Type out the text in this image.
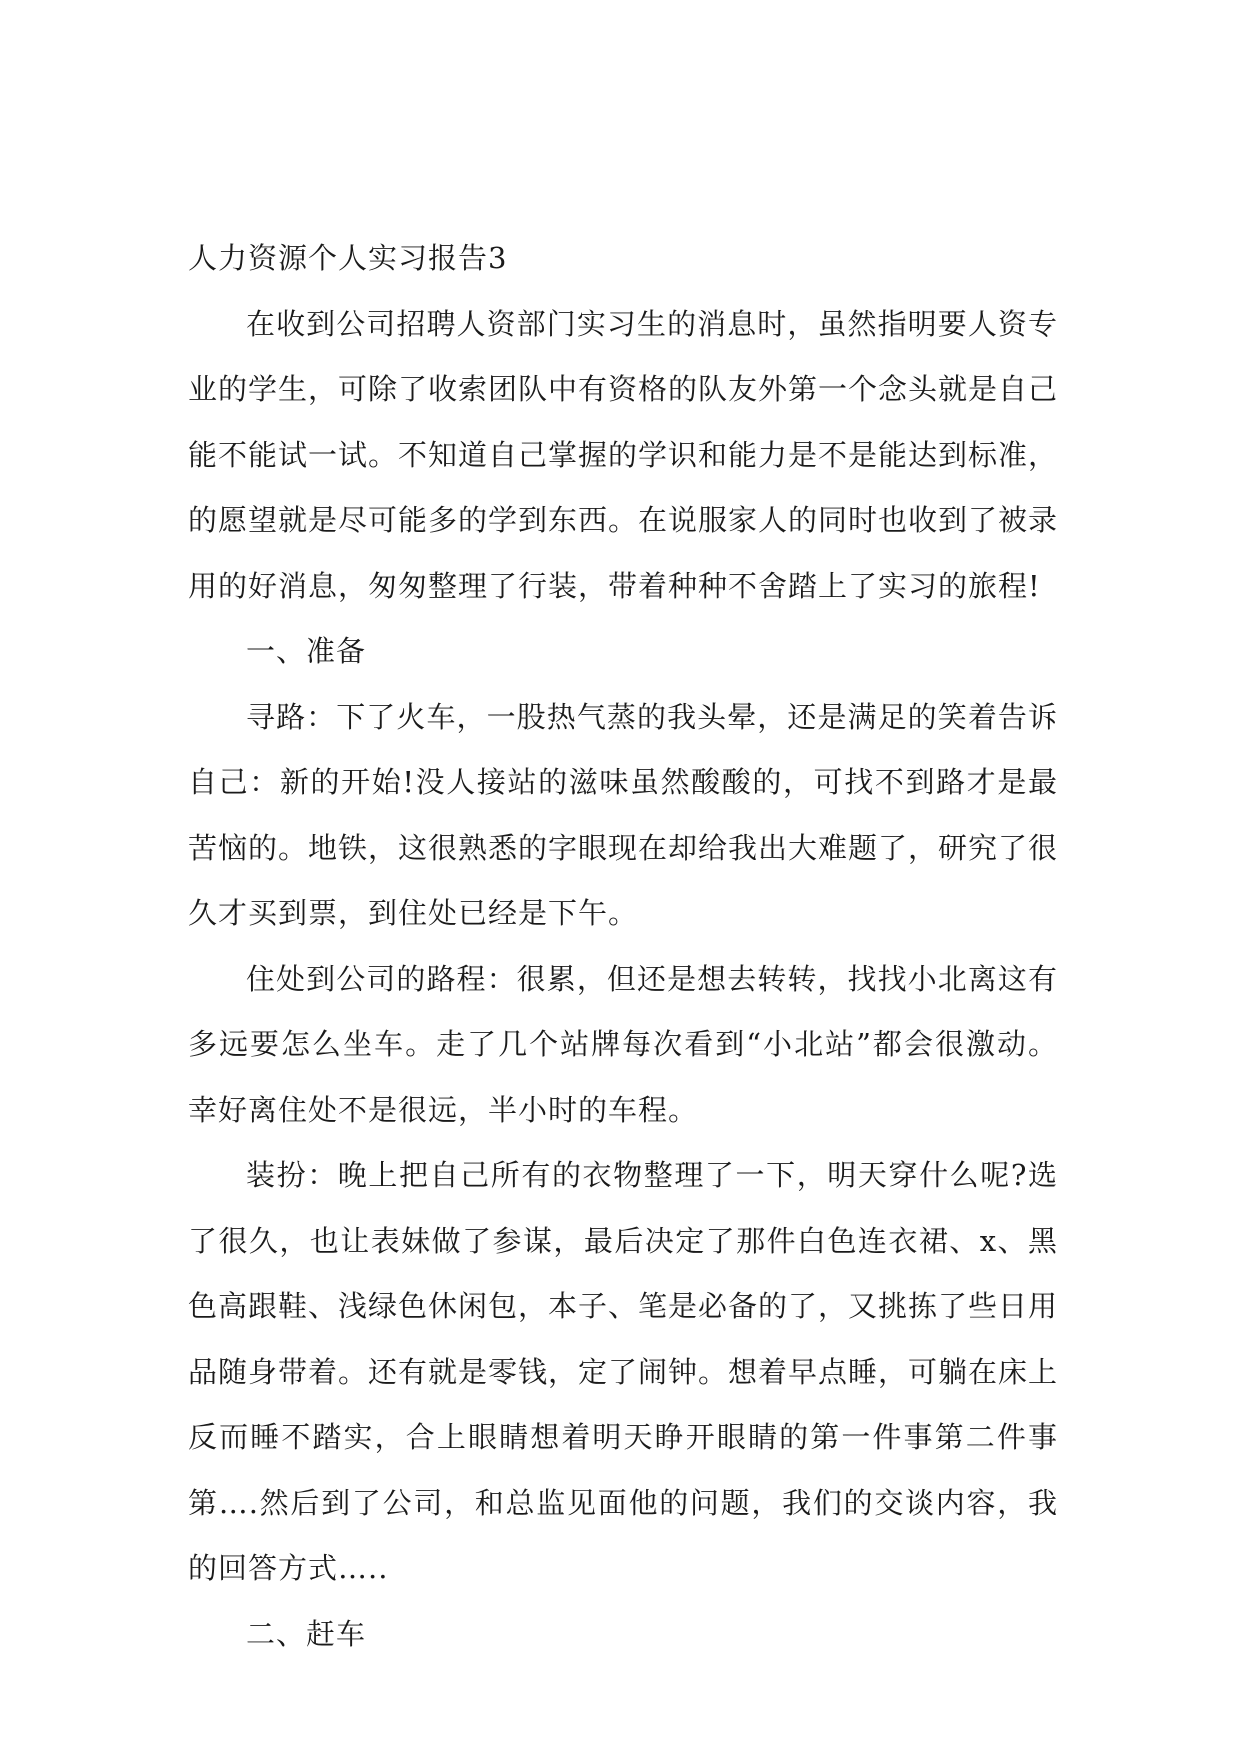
人力资源个人实习报告3

在收到公司招聘人资部门实习生的消息时，虽然指明要人资专业的学生，可除了收索团队中有资格的队友外第一个念头就是自己能不能试一试。不知道自己掌握的学识和能力是不是能达到标准，的愿望就是尽可能多的学到东西。在说服家人的同时也收到了被录用的好消息，匆匆整理了行装，带着种种不舍踏上了实习的旅程!

一、准备

寻路：下了火车，一股热气蒸的我头晕，还是满足的笑着告诉自己：新的开始!没人接站的滋味虽然酸酸的，可找不到路才是最苦恼的。地铁，这很熟悉的字眼现在却给我出大难题了，研究了很久才买到票，到住处已经是下午。

住处到公司的路程：很累，但还是想去转转，找找小北离这有多远要怎么坐车。走了几个站牌每次看到“小北站”都会很激动。幸好离住处不是很远，半小时的车程。

装扮：晚上把自己所有的衣物整理了一下，明天穿什么呢?选了很久，也让表妹做了参谋，最后决定了那件白色连衣裙、x、黑色高跟鞋、浅绿色休闲包，本子、笔是必备的了，又挑拣了些日用品随身带着。还有就是零钱，定了闹钟。想着早点睡，可躺在床上反而睡不踏实，合上眼睛想着明天睁开眼睛的第一件事第二件事第….然后到了公司，和总监见面他的问题，我们的交谈内容，我的回答方式…..

二、赶车
